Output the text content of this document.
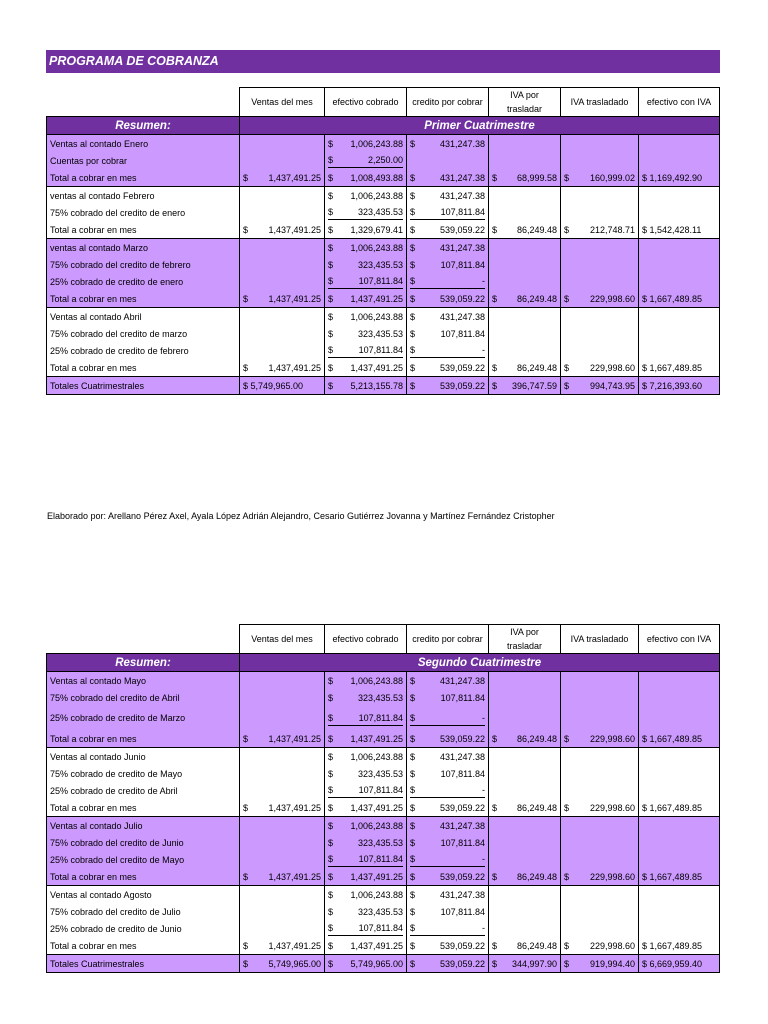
PROGRAMA DE COBRANZA
	Ventas del mes	efectivo cobrado	credito por cobrar	IVA por trasladar	IVA trasladado	efectivo con IVA
Resumen:	Primer Cuatrimestre					
Ventas al contado Enero		$ 1,006,243.88	$ 431,247.38			

Cuentas por cobrar		$ 2,250.00				

Total a cobrar en mes	$ 1,437,491.25	$ 1,008,493.88	$ 431,247.38	$ 68,999.58	$ 160,999.02	$ 1,169,492.90
ventas al contado Febrero		$ 1,006,243.88	$ 431,247.38			

75% cobrado del credito de enero		$ 323,435.53	$ 107,811.84			

Total a cobrar en mes	$ 1,437,491.25	$ 1,329,679.41	$ 539,059.22	$ 86,249.48	$ 212,748.71	$ 1,542,428.11
ventas al contado Marzo		$ 1,006,243.88	$ 431,247.38			

75% cobrado del credito de febrero		$ 323,435.53	$ 107,811.84			

25% cobrado de credito de enero		$ 107,811.84	$ -			

Total a cobrar en mes	$ 1,437,491.25	$ 1,437,491.25	$ 539,059.22	$ 86,249.48	$ 229,998.60	$ 1,667,489.85
Ventas al contado Abril		$ 1,006,243.88	$ 431,247.38			

75% cobrado del credito de marzo		$ 323,435.53	$ 107,811.84			

25% cobrado de credito de febrero		$ 107,811.84	$ -			

Total a cobrar en mes	$ 1,437,491.25	$ 1,437,491.25	$ 539,059.22	$ 86,249.48	$ 229,998.60	$ 1,667,489.85
Totales Cuatrimestrales	$ 5,749,965.00	$ 5,213,155.78	$ 539,059.22	$ 396,747.59	$ 994,743.95	$ 7,216,393.60
Elaborado por: Arellano Pérez Axel, Ayala López Adrián Alejandro, Cesario Gutiérrez Jovanna y Martínez Fernández Cristopher
	Ventas del mes	efectivo cobrado	credito por cobrar	IVA por trasladar	IVA trasladado	efectivo con IVA
Resumen:	Segundo Cuatrimestre					
Ventas al contado Mayo		$ 1,006,243.88	$ 431,247.38			

75% cobrado del credito de Abril		$ 323,435.53	$ 107,811.84			

25% cobrado de credito de Marzo		$ 107,811.84	$ -			

Total a cobrar en mes	$ 1,437,491.25	$ 1,437,491.25	$ 539,059.22	$ 86,249.48	$ 229,998.60	$ 1,667,489.85
Ventas al contado Junio		$ 1,006,243.88	$ 431,247.38			

75% cobrado de credito de Mayo		$ 323,435.53	$ 107,811.84			

25% cobrado de credito de Abril		$ 107,811.84	$ -			

Total a cobrar en mes	$ 1,437,491.25	$ 1,437,491.25	$ 539,059.22	$ 86,249.48	$ 229,998.60	$ 1,667,489.85
Ventas al contado Julio		$ 1,006,243.88	$ 431,247.38			

75% cobrado del credito de Junio		$ 323,435.53	$ 107,811.84			

25% cobrado del credito de Mayo		$ 107,811.84	$ -			

Total a cobrar en mes	$ 1,437,491.25	$ 1,437,491.25	$ 539,059.22	$ 86,249.48	$ 229,998.60	$ 1,667,489.85
Ventas al contado Agosto		$ 1,006,243.88	$ 431,247.38			

75% cobrado del credito de Julio		$ 323,435.53	$ 107,811.84			

25% cobrado de credito de Junio		$ 107,811.84	$ -			

Total a cobrar en mes	$ 1,437,491.25	$ 1,437,491.25	$ 539,059.22	$ 86,249.48	$ 229,998.60	$ 1,667,489.85
Totales Cuatrimestrales	$ 5,749,965.00	$ 5,749,965.00	$ 539,059.22	$ 344,997.90	$ 919,994.40	$ 6,669,959.40
